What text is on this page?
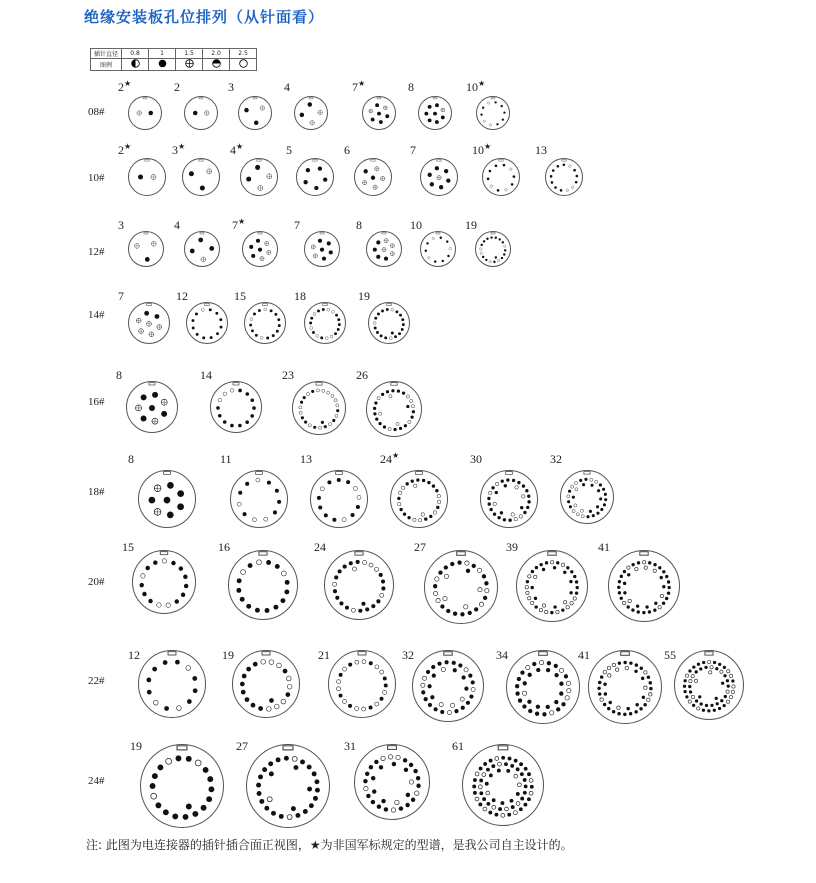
绝缘安装板孔位排列（从针面看）
插针直径	0.8	1	1.5	2.0	2.5
图例					
08#
2★	2	3	4	7★	8	10★
10#
2★	3★	4★	5	6	7	10★	13
12#
3	4	7★	7	8	10	19
14#
7	12	15	18	19
16#
8	14	23	26
18#
8	11	13	24★	30	32
20#
15	16	24	27	39	41
22#
12	19	21	32	34	41	55
24#
19	27	31	61
注: 此图为电连接器的插针插合面正视图，★为非国军标规定的型谱，是我公司自主设计的。
